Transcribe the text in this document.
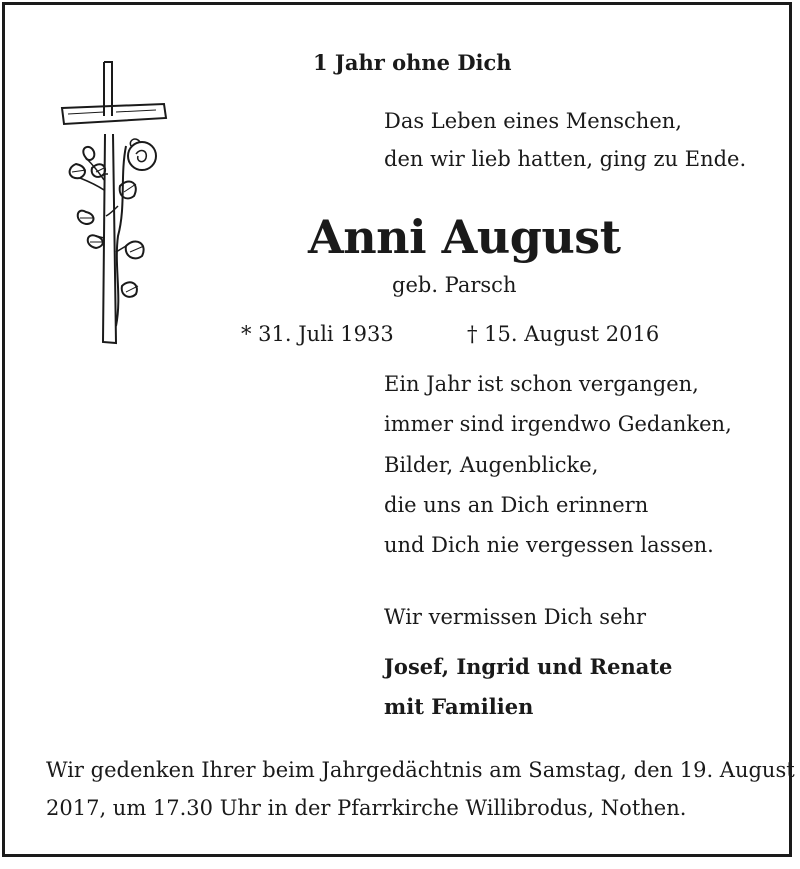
1 Jahr ohne Dich
Das Leben eines Menschen,
den wir lieb hatten, ging zu Ende.
Anni August
geb. Parsch
* 31. Juli 1933	† 15. August 2016
Ein Jahr ist schon vergangen,
immer sind irgendwo Gedanken,
Bilder, Augenblicke,
die uns an Dich erinnern
und Dich nie vergessen lassen.
Wir vermissen Dich sehr
Josef, Ingrid und Renate
mit Familien
Wir gedenken Ihrer beim Jahrgedächtnis am Samstag, den 19. August
2017, um 17.30 Uhr in der Pfarrkirche Willibrodus, Nothen.
